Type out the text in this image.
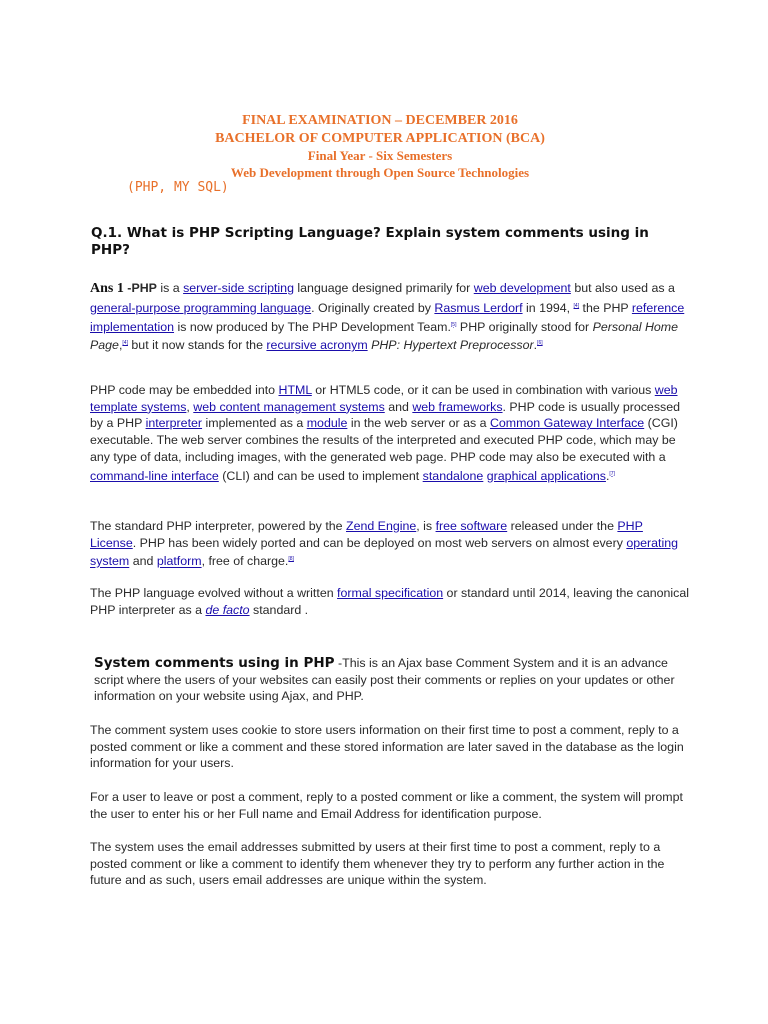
FINAL EXAMINATION – DECEMBER 2016
BACHELOR OF COMPUTER APPLICATION (BCA)
Final Year - Six Semesters
Web Development through Open Source Technologies
(PHP, MY SQL)
Q.1. What is PHP Scripting Language? Explain system comments using in PHP?
Ans 1 -PHP is a server-side scripting language designed primarily for web development but also used as a general-purpose programming language. Originally created by Rasmus Lerdorf in 1994, [4] the PHP reference implementation is now produced by The PHP Development Team.[5] PHP originally stood for Personal Home Page,[4] but it now stands for the recursive acronym PHP: Hypertext Preprocessor.[6]
PHP code may be embedded into HTML or HTML5 code, or it can be used in combination with various web template systems, web content management systems and web frameworks. PHP code is usually processed by a PHP interpreter implemented as a module in the web server or as a Common Gateway Interface (CGI) executable. The web server combines the results of the interpreted and executed PHP code, which may be any type of data, including images, with the generated web page. PHP code may also be executed with a command-line interface (CLI) and can be used to implement standalone graphical applications.[7]
The standard PHP interpreter, powered by the Zend Engine, is free software released under the PHP License. PHP has been widely ported and can be deployed on most web servers on almost every operating system and platform, free of charge.[8]
The PHP language evolved without a written formal specification or standard until 2014, leaving the canonical PHP interpreter as a de facto standard .
System comments using in PHP -This is an Ajax base Comment System and it is an advance script where the users of your websites can easily post their comments or replies on your updates or other information on your website using Ajax, and PHP.
The comment system uses cookie to store users information on their first time to post a comment, reply to a posted comment or like a comment and these stored information are later saved in the database as the login information for your users.
For a user to leave or post a comment, reply to a posted comment or like a comment, the system will prompt the user to enter his or her Full name and Email Address for identification purpose.
The system uses the email addresses submitted by users at their first time to post a comment, reply to a posted comment or like a comment to identify them whenever they try to perform any further action in the future and as such, users email addresses are unique within the system.
